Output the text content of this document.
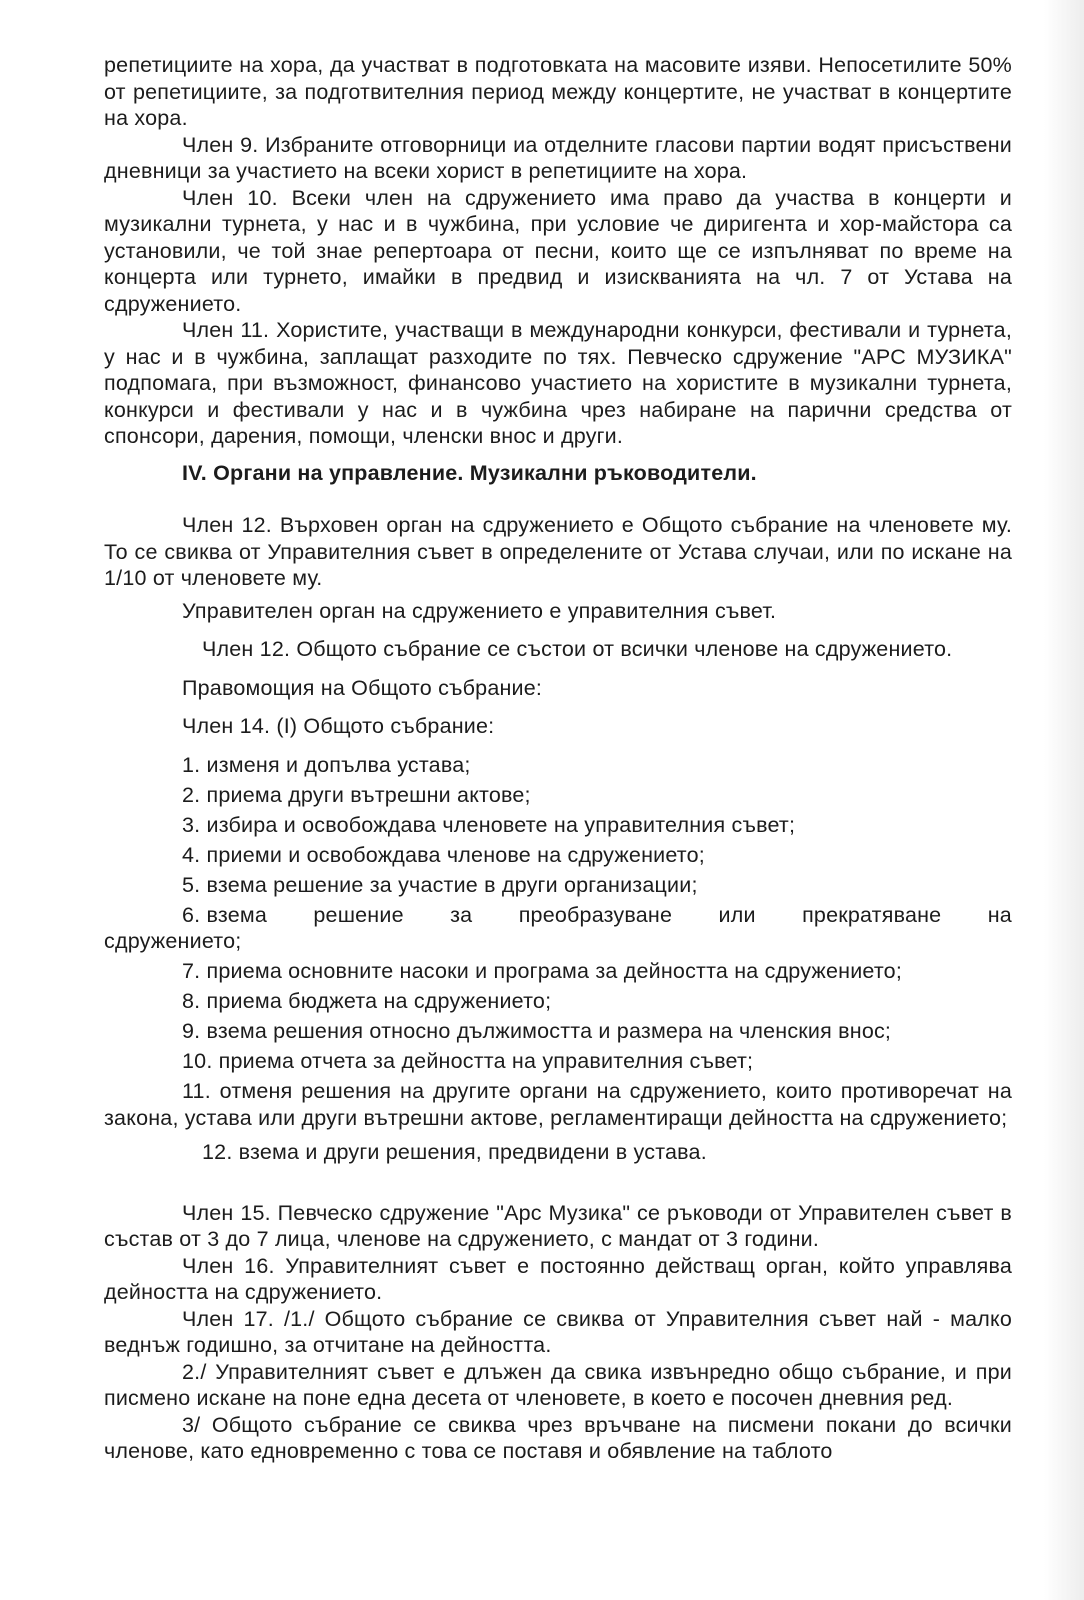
репетициите на хора, да участват в подготовката на масовите изяви. Непосетилите 50% от репетициите, за подготвителния период между концертите, не участват в концертите на хора.

Член 9. Избраните отговорници иа отделните гласови партии водят присъствени дневници за участието на всеки хорист в репетициите на хора.

Член 10. Всеки член на сдружението има право да участва в концерти и музикални турнета, у нас и в чужбина, при условие че диригента и хор-майстора са установили, че той знае репертоара от песни, които ще се изпълняват по време на концерта или турнето, имайки в предвид и изискванията на чл. 7 от Устава на сдружението.

Член 11. Хористите, участващи в международни конкурси, фестивали и турнета, у нас и в чужбина, заплащат разходите по тях. Певческо сдружение "АРС МУЗИКА" подпомага, при възможност, финансово участието на хористите в музикални турнета, конкурси и фестивали у нас и в чужбина чрез набиране на парични средства от спонсори, дарения, помощи, членски внос и други.

IV. Органи на управление. Музикални ръководители.

Член 12. Върховен орган на сдружението е Общото събрание на членовете му. То се свиква от Управителния съвет в определените от Устава случаи, или по искане на 1/10 от членовете му.

Управителен орган на сдружението е управителния съвет.

Член 12. Общото събрание се състои от всички членове на сдружението.

Правомощия на Общото събрание:

Член 14. (I) Общото събрание:

1. изменя и допълва устава;

2. приема други вътрешни актове;

3. избира и освобождава членовете на управителния съвет;

4. приеми и освобождава членове на сдружението;

5. взема решение за участие в други организации;

6. взема решение за преобразуване или прекратяване на

сдружението;

7. приема основните насоки и програма за дейността на сдружението;

8. приема бюджета на сдружението;

9. взема решения относно дължимостта и размера на членския внос;

10. приема отчета за дейността на управителния съвет;

11. отменя решения на другите органи на сдружението, които противоречат на закона, устава или други вътрешни актове, регламентиращи дейността на сдружението;

12. взема и други решения, предвидени в устава.

Член 15. Певческо сдружение "Арс Музика" се ръководи от Управителен съвет в състав от 3 до 7 лица, членове на сдружението, с мандат от 3 години.

Член 16. Управителният съвет е постоянно действащ орган, който управлява дейността на сдружението.

Член 17. /1./ Общото събрание се свиква от Управителния съвет най - малко веднъж годишно, за отчитане на дейността.

2./ Управителният съвет е длъжен да свика извънредно общо събрание, и при писмено искане на поне една десета от членовете, в което е посочен дневния ред.

3/ Общото събрание се свиква чрез връчване на писмени покани до всички членове, като едновременно с това се поставя и обявление на таблото
